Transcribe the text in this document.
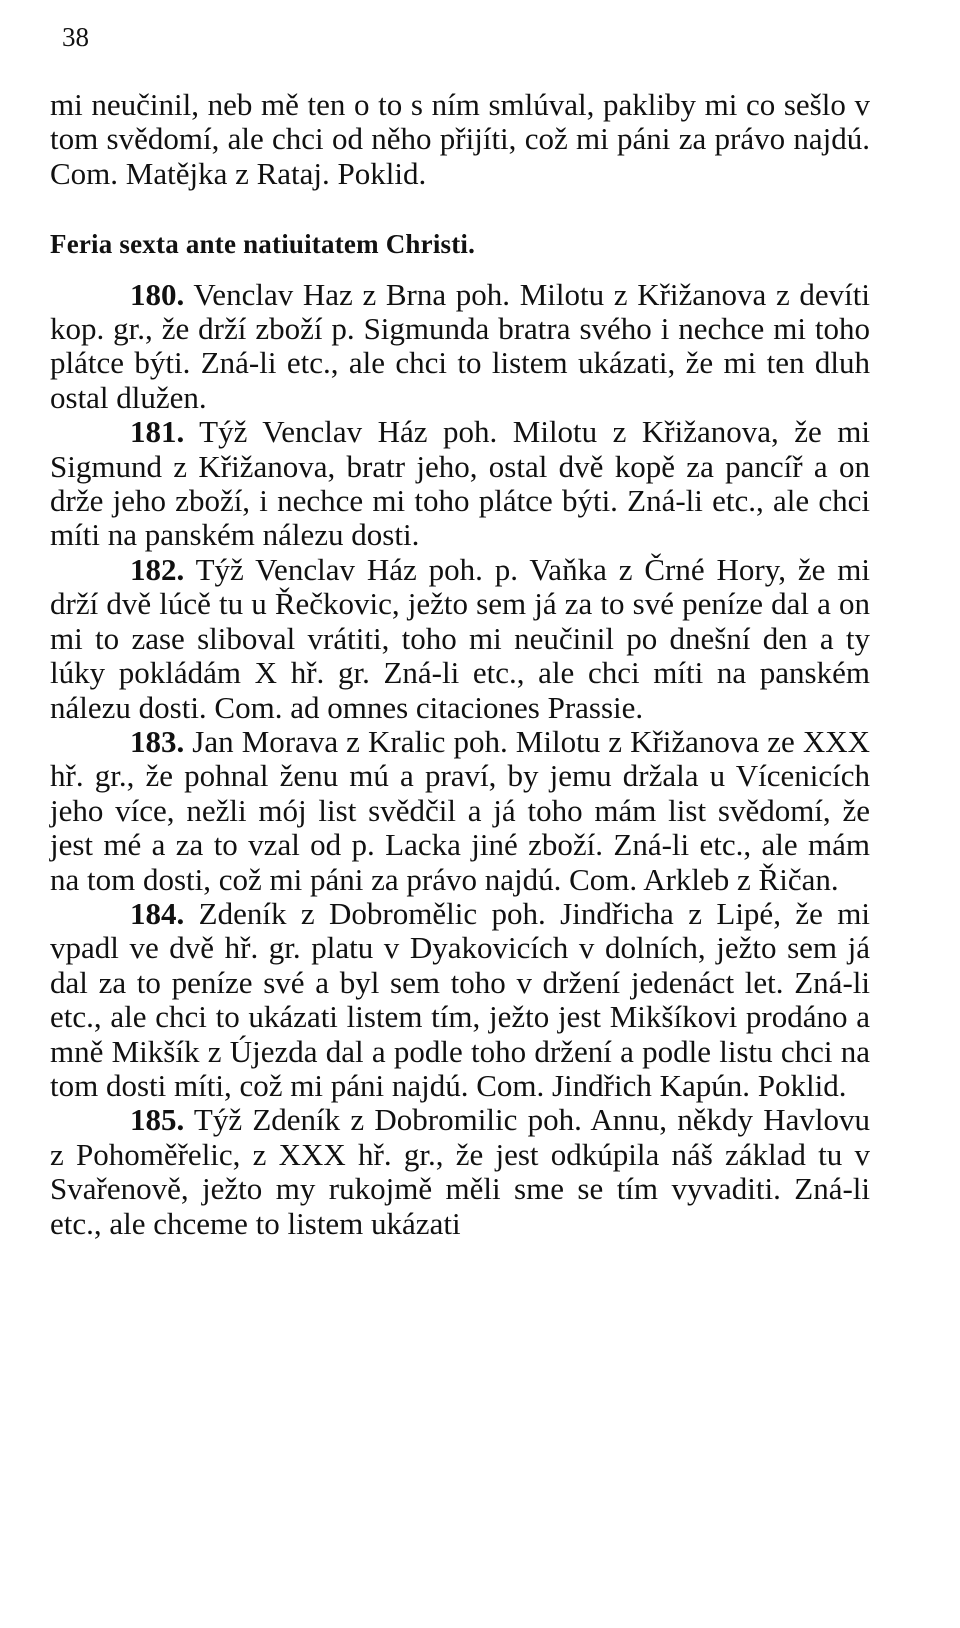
38

mi neučinil, neb mě ten o to s ním smlúval, pakliby mi co sešlo v tom svědomí, ale chci od něho přijíti, což mi páni za právo najdú. Com. Matějka z Rataj. Poklid.

Feria sexta ante natiuitatem Christi.

180. Venclav Haz z Brna poh. Milotu z Křižanova z devíti kop. gr., že drží zboží p. Sigmunda bratra svého i nechce mi toho plátce býti. Zná-li etc., ale chci to listem ukázati, že mi ten dluh ostal dlužen.

181. Týž Venclav Ház poh. Milotu z Křižanova, že mi Sigmund z Křižanova, bratr jeho, ostal dvě kopě za pancíř a on drže jeho zboží, i nechce mi toho plátce býti. Zná-li etc., ale chci míti na panském nálezu dosti.

182. Týž Venclav Ház poh. p. Vaňka z Črné Hory, že mi drží dvě lúcě tu u Řečkovic, ježto sem já za to své peníze dal a on mi to zase sliboval vrátiti, toho mi neučinil po dnešní den a ty lúky pokládám X hř. gr. Zná-li etc., ale chci míti na panském nálezu dosti. Com. ad omnes citaciones Prassie.

183. Jan Morava z Kralic poh. Milotu z Křižanova ze XXX hř. gr., že pohnal ženu mú a praví, by jemu držala u Vícenicích jeho více, nežli mój list svědčil a já toho mám list svědomí, že jest mé a za to vzal od p. Lacka jiné zboží. Zná-li etc., ale mám na tom dosti, což mi páni za právo najdú. Com. Arkleb z Řičan.

184. Zdeník z Dobromělic poh. Jindřicha z Lipé, že mi vpadl ve dvě hř. gr. platu v Dyakovicích v dolních, ježto sem já dal za to peníze své a byl sem toho v držení jedenáct let. Zná-li etc., ale chci to ukázati listem tím, ježto jest Mikšíkovi prodáno a mně Mikšík z Újezda dal a podle toho držení a podle listu chci na tom dosti míti, což mi páni najdú. Com. Jindřich Kapún. Poklid.

185. Týž Zdeník z Dobromilic poh. Annu, někdy Havlovu z Pohoměřelic, z XXX hř. gr., že jest odkúpila náš základ tu v Svařenově, ježto my rukojmě měli sme se tím vyvaditi. Zná-li etc., ale chceme to listem ukázati
